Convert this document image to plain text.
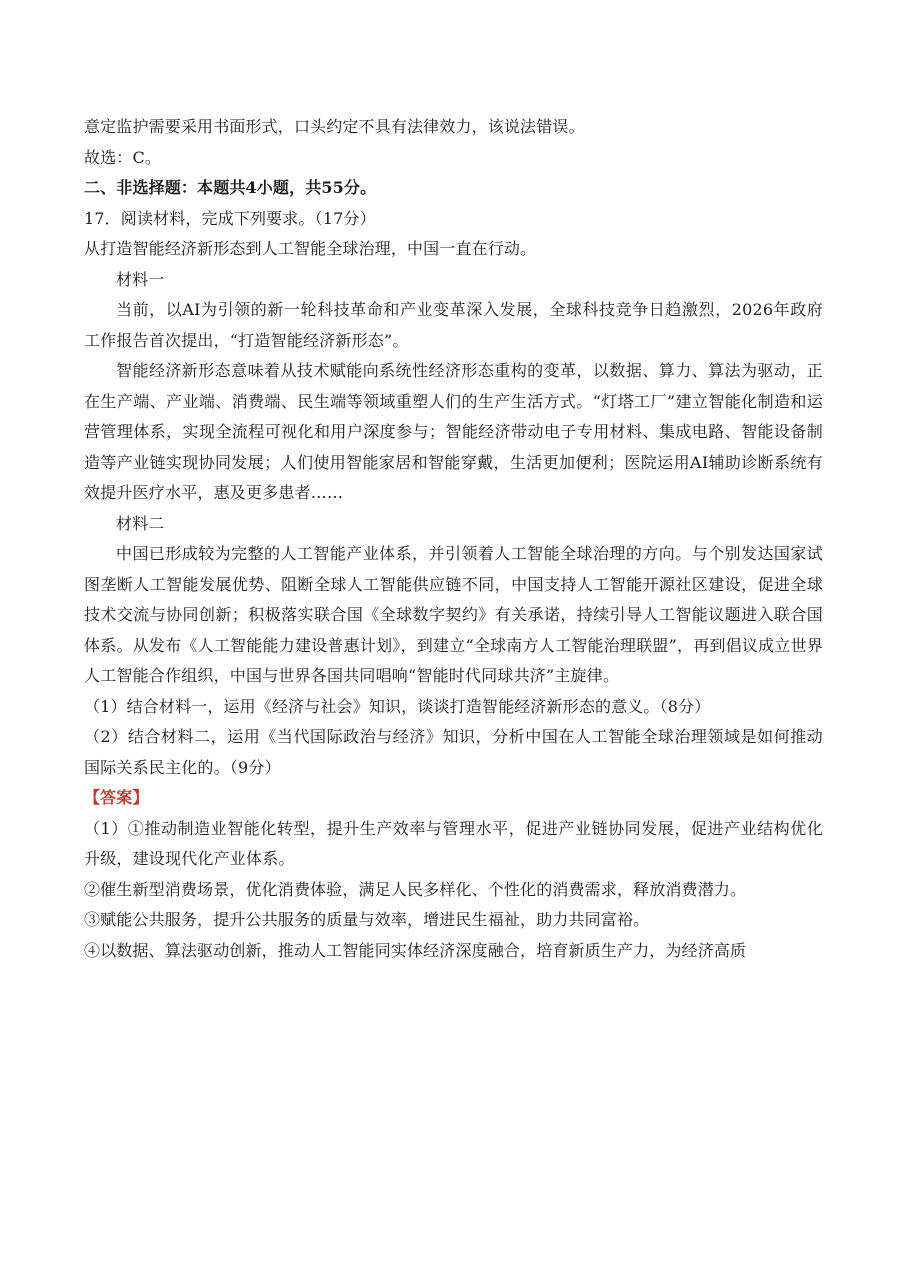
意定监护需要采用书面形式，口头约定不具有法律效力，该说法错误。
故选：C。
二、非选择题：本题共4小题，共55分。
17．阅读材料，完成下列要求。（17分）
从打造智能经济新形态到人工智能全球治理，中国一直在行动。
材料一
当前，以AI为引领的新一轮科技革命和产业变革深入发展，全球科技竞争日趋激烈，2026年政府工作报告首次提出，“打造智能经济新形态”。
智能经济新形态意味着从技术赋能向系统性经济形态重构的变革，以数据、算力、算法为驱动，正在生产端、产业端、消费端、民生端等领域重塑人们的生产生活方式。“灯塔工厂”建立智能化制造和运营管理体系，实现全流程可视化和用户深度参与；智能经济带动电子专用材料、集成电路、智能设备制造等产业链实现协同发展；人们使用智能家居和智能穿戴，生活更加便利；医院运用AI辅助诊断系统有效提升医疗水平，惠及更多患者……
材料二
中国已形成较为完整的人工智能产业体系，并引领着人工智能全球治理的方向。与个别发达国家试图垄断人工智能发展优势、阻断全球人工智能供应链不同，中国支持人工智能开源社区建设，促进全球技术交流与协同创新；积极落实联合国《全球数字契约》有关承诺，持续引导人工智能议题进入联合国体系。从发布《人工智能能力建设普惠计划》，到建立“全球南方人工智能治理联盟”，再到倡议成立世界人工智能合作组织，中国与世界各国共同唱响“智能时代同球共济”主旋律。
（1）结合材料一，运用《经济与社会》知识，谈谈打造智能经济新形态的意义。（8分）
（2）结合材料二，运用《当代国际政治与经济》知识，分析中国在人工智能全球治理领域是如何推动国际关系民主化的。（9分）
【答案】
（1）①推动制造业智能化转型，提升生产效率与管理水平，促进产业链协同发展，促进产业结构优化升级，建设现代化产业体系。
②催生新型消费场景，优化消费体验，满足人民多样化、个性化的消费需求，释放消费潜力。
③赋能公共服务，提升公共服务的质量与效率，增进民生福祉，助力共同富裕。
④以数据、算法驱动创新，推动人工智能同实体经济深度融合，培育新质生产力，为经济高质
